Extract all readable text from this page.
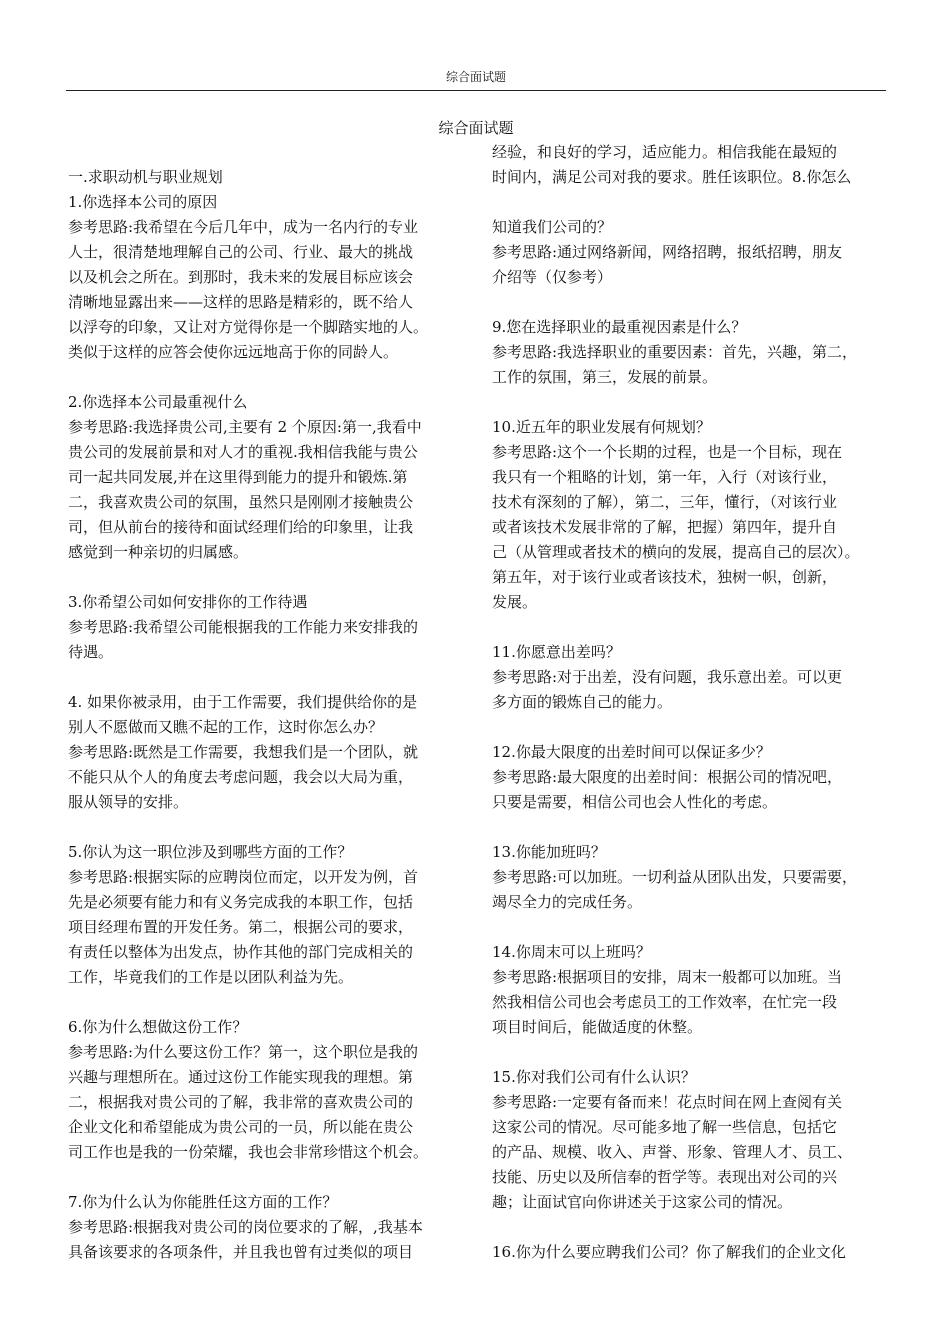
综合面试题
综合面试题
一.求职动机与职业规划
1.你选择本公司的原因
参考思路:我希望在今后几年中，成为一名内行的专业
人士，很清楚地理解自己的公司、行业、最大的挑战
以及机会之所在。到那时，我未来的发展目标应该会
清晰地显露出来——这样的思路是精彩的，既不给人
以浮夸的印象，又让对方觉得你是一个脚踏实地的人。
类似于这样的应答会使你远远地高于你的同龄人。
2.你选择本公司最重视什么
参考思路:我选择贵公司,主要有 2 个原因:第一,我看中
贵公司的发展前景和对人才的重视.我相信我能与贵公
司一起共同发展,并在这里得到能力的提升和锻炼.第
二，我喜欢贵公司的氛围，虽然只是刚刚才接触贵公
司，但从前台的接待和面试经理们给的印象里，让我
感觉到一种亲切的归属感。
3.你希望公司如何安排你的工作待遇
参考思路:我希望公司能根据我的工作能力来安排我的
待遇。
4. 如果你被录用，由于工作需要，我们提供给你的是
别人不愿做而又瞧不起的工作，这时你怎么办？
参考思路:既然是工作需要，我想我们是一个团队，就
不能只从个人的角度去考虑问题，我会以大局为重，
服从领导的安排。
5.你认为这一职位涉及到哪些方面的工作？
参考思路:根据实际的应聘岗位而定，以开发为例，首
先是必须要有能力和有义务完成我的本职工作，包括
项目经理布置的开发任务。第二，根据公司的要求，
有责任以整体为出发点，协作其他的部门完成相关的
工作，毕竟我们的工作是以团队利益为先。
6.你为什么想做这份工作？
参考思路:为什么要这份工作？第一，这个职位是我的
兴趣与理想所在。通过这份工作能实现我的理想。第
二，根据我对贵公司的了解，我非常的喜欢贵公司的
企业文化和希望能成为贵公司的一员，所以能在贵公
司工作也是我的一份荣耀，我也会非常珍惜这个机会。
7.你为什么认为你能胜任这方面的工作？
参考思路:根据我对贵公司的岗位要求的了解，,我基本
具备该要求的各项条件，并且我也曾有过类似的项目
经验，和良好的学习，适应能力。相信我能在最短的
时间内，满足公司对我的要求。胜任该职位。8.你怎么
知道我们公司的？
参考思路:通过网络新闻，网络招聘，报纸招聘，朋友
介绍等（仅参考）
9.您在选择职业的最重视因素是什么？
参考思路:我选择职业的重要因素：首先，兴趣，第二，
工作的氛围，第三，发展的前景。
10.近五年的职业发展有何规划？
参考思路:这个一个长期的过程，也是一个目标，现在
我只有一个粗略的计划，第一年，入行（对该行业，
技术有深刻的了解），第二，三年，懂行，（对该行业
或者该技术发展非常的了解，把握）第四年，提升自
己（从管理或者技术的横向的发展，提高自己的层次）。
第五年，对于该行业或者该技术，独树一帜，创新，
发展。
11.你愿意出差吗？
参考思路:对于出差，没有问题，我乐意出差。可以更
多方面的锻炼自己的能力。
12.你最大限度的出差时间可以保证多少？
参考思路:最大限度的出差时间：根据公司的情况吧，
只要是需要，相信公司也会人性化的考虑。
13.你能加班吗？
参考思路:可以加班。一切利益从团队出发，只要需要，
竭尽全力的完成任务。
14.你周末可以上班吗？
参考思路:根据项目的安排，周末一般都可以加班。当
然我相信公司也会考虑员工的工作效率，在忙完一段
项目时间后，能做适度的休整。
15.你对我们公司有什么认识？
参考思路:一定要有备而来！花点时间在网上查阅有关
这家公司的情况。尽可能多地了解一些信息，包括它
的产品、规模、收入、声誉、形象、管理人才、员工、
技能、历史以及所信奉的哲学等。表现出对公司的兴
趣；让面试官向你讲述关于这家公司的情况。
16.你为什么要应聘我们公司？你了解我们的企业文化
